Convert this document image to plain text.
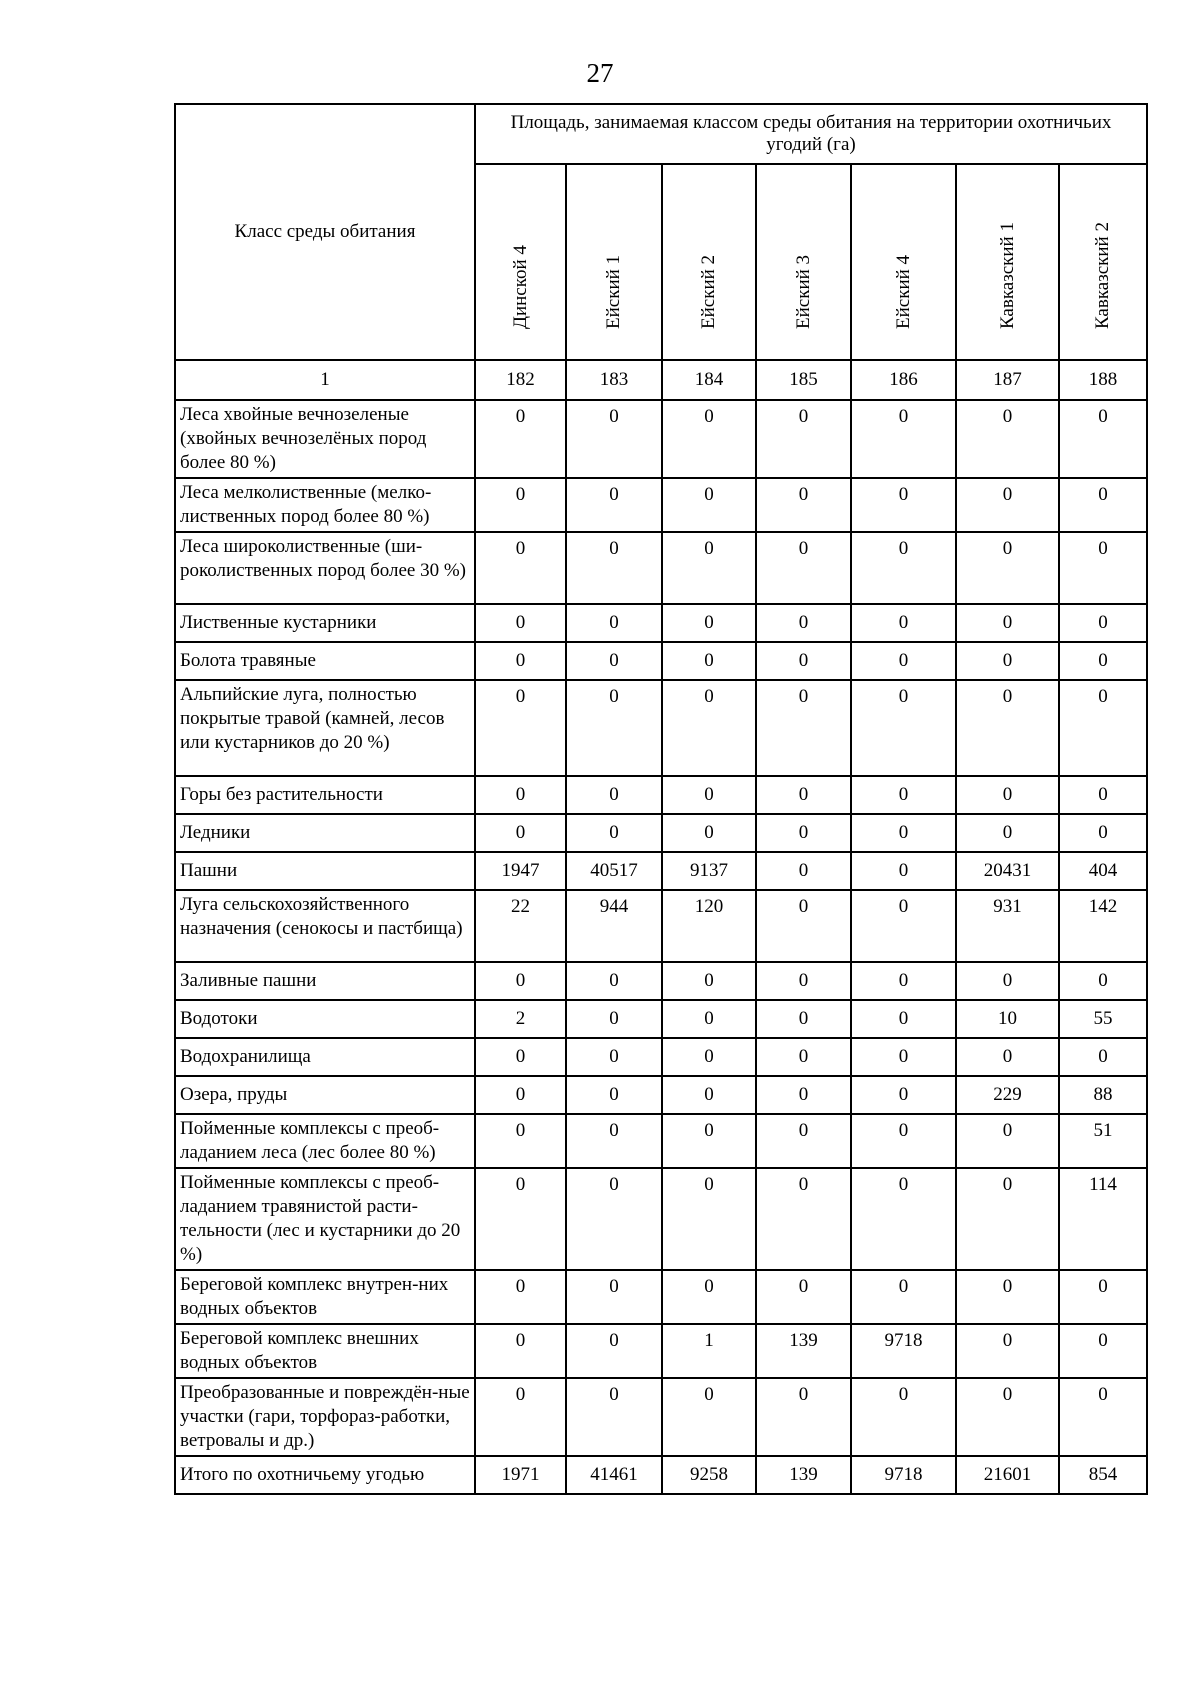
27
Класс среды обитания	Площадь, занимаемая классом среды обитания на территории охотничьих угодий (га)						

	Динской 4	Ейский 1	Ейский 2	Ейский 3	Ейский 4	Кавказский 1	Кавказский 2

1	182	183	184	185	186	187	188
Леса хвойные вечнозеленые (хвойных вечнозелёных пород более 80 %)	0	0	0	0	0	0	0
Леса мелколиственные (мелко-лиственных пород более 80 %)	0	0	0	0	0	0	0
Леса широколиственные (ши-роколиственных пород более 30 %)	0	0	0	0	0	0	0
Лиственные кустарники	0	0	0	0	0	0	0
Болота травяные	0	0	0	0	0	0	0
Альпийские луга, полностью покрытые травой (камней, лесов или кустарников до 20 %)	0	0	0	0	0	0	0
Горы без растительности	0	0	0	0	0	0	0
Ледники	0	0	0	0	0	0	0
Пашни	1947	40517	9137	0	0	20431	404
Луга сельскохозяйственного назначения (сенокосы и пастбища)	22	944	120	0	0	931	142
Заливные пашни	0	0	0	0	0	0	0
Водотоки	2	0	0	0	0	10	55
Водохранилища	0	0	0	0	0	0	0
Озера, пруды	0	0	0	0	0	229	88
Пойменные комплексы с преоб-ладанием леса (лес более 80 %)	0	0	0	0	0	0	51
Пойменные комплексы с преоб-ладанием травянистой расти-тельности (лес и кустарники до 20 %)	0	0	0	0	0	0	114
Береговой комплекс внутрен-них водных объектов	0	0	0	0	0	0	0
Береговой комплекс внешних водных объектов	0	0	1	139	9718	0	0
Преобразованные и повреждён-ные участки (гари, торфораз-работки, ветровалы и др.)	0	0	0	0	0	0	0
Итого по охотничьему угодью	1971	41461	9258	139	9718	21601	854
